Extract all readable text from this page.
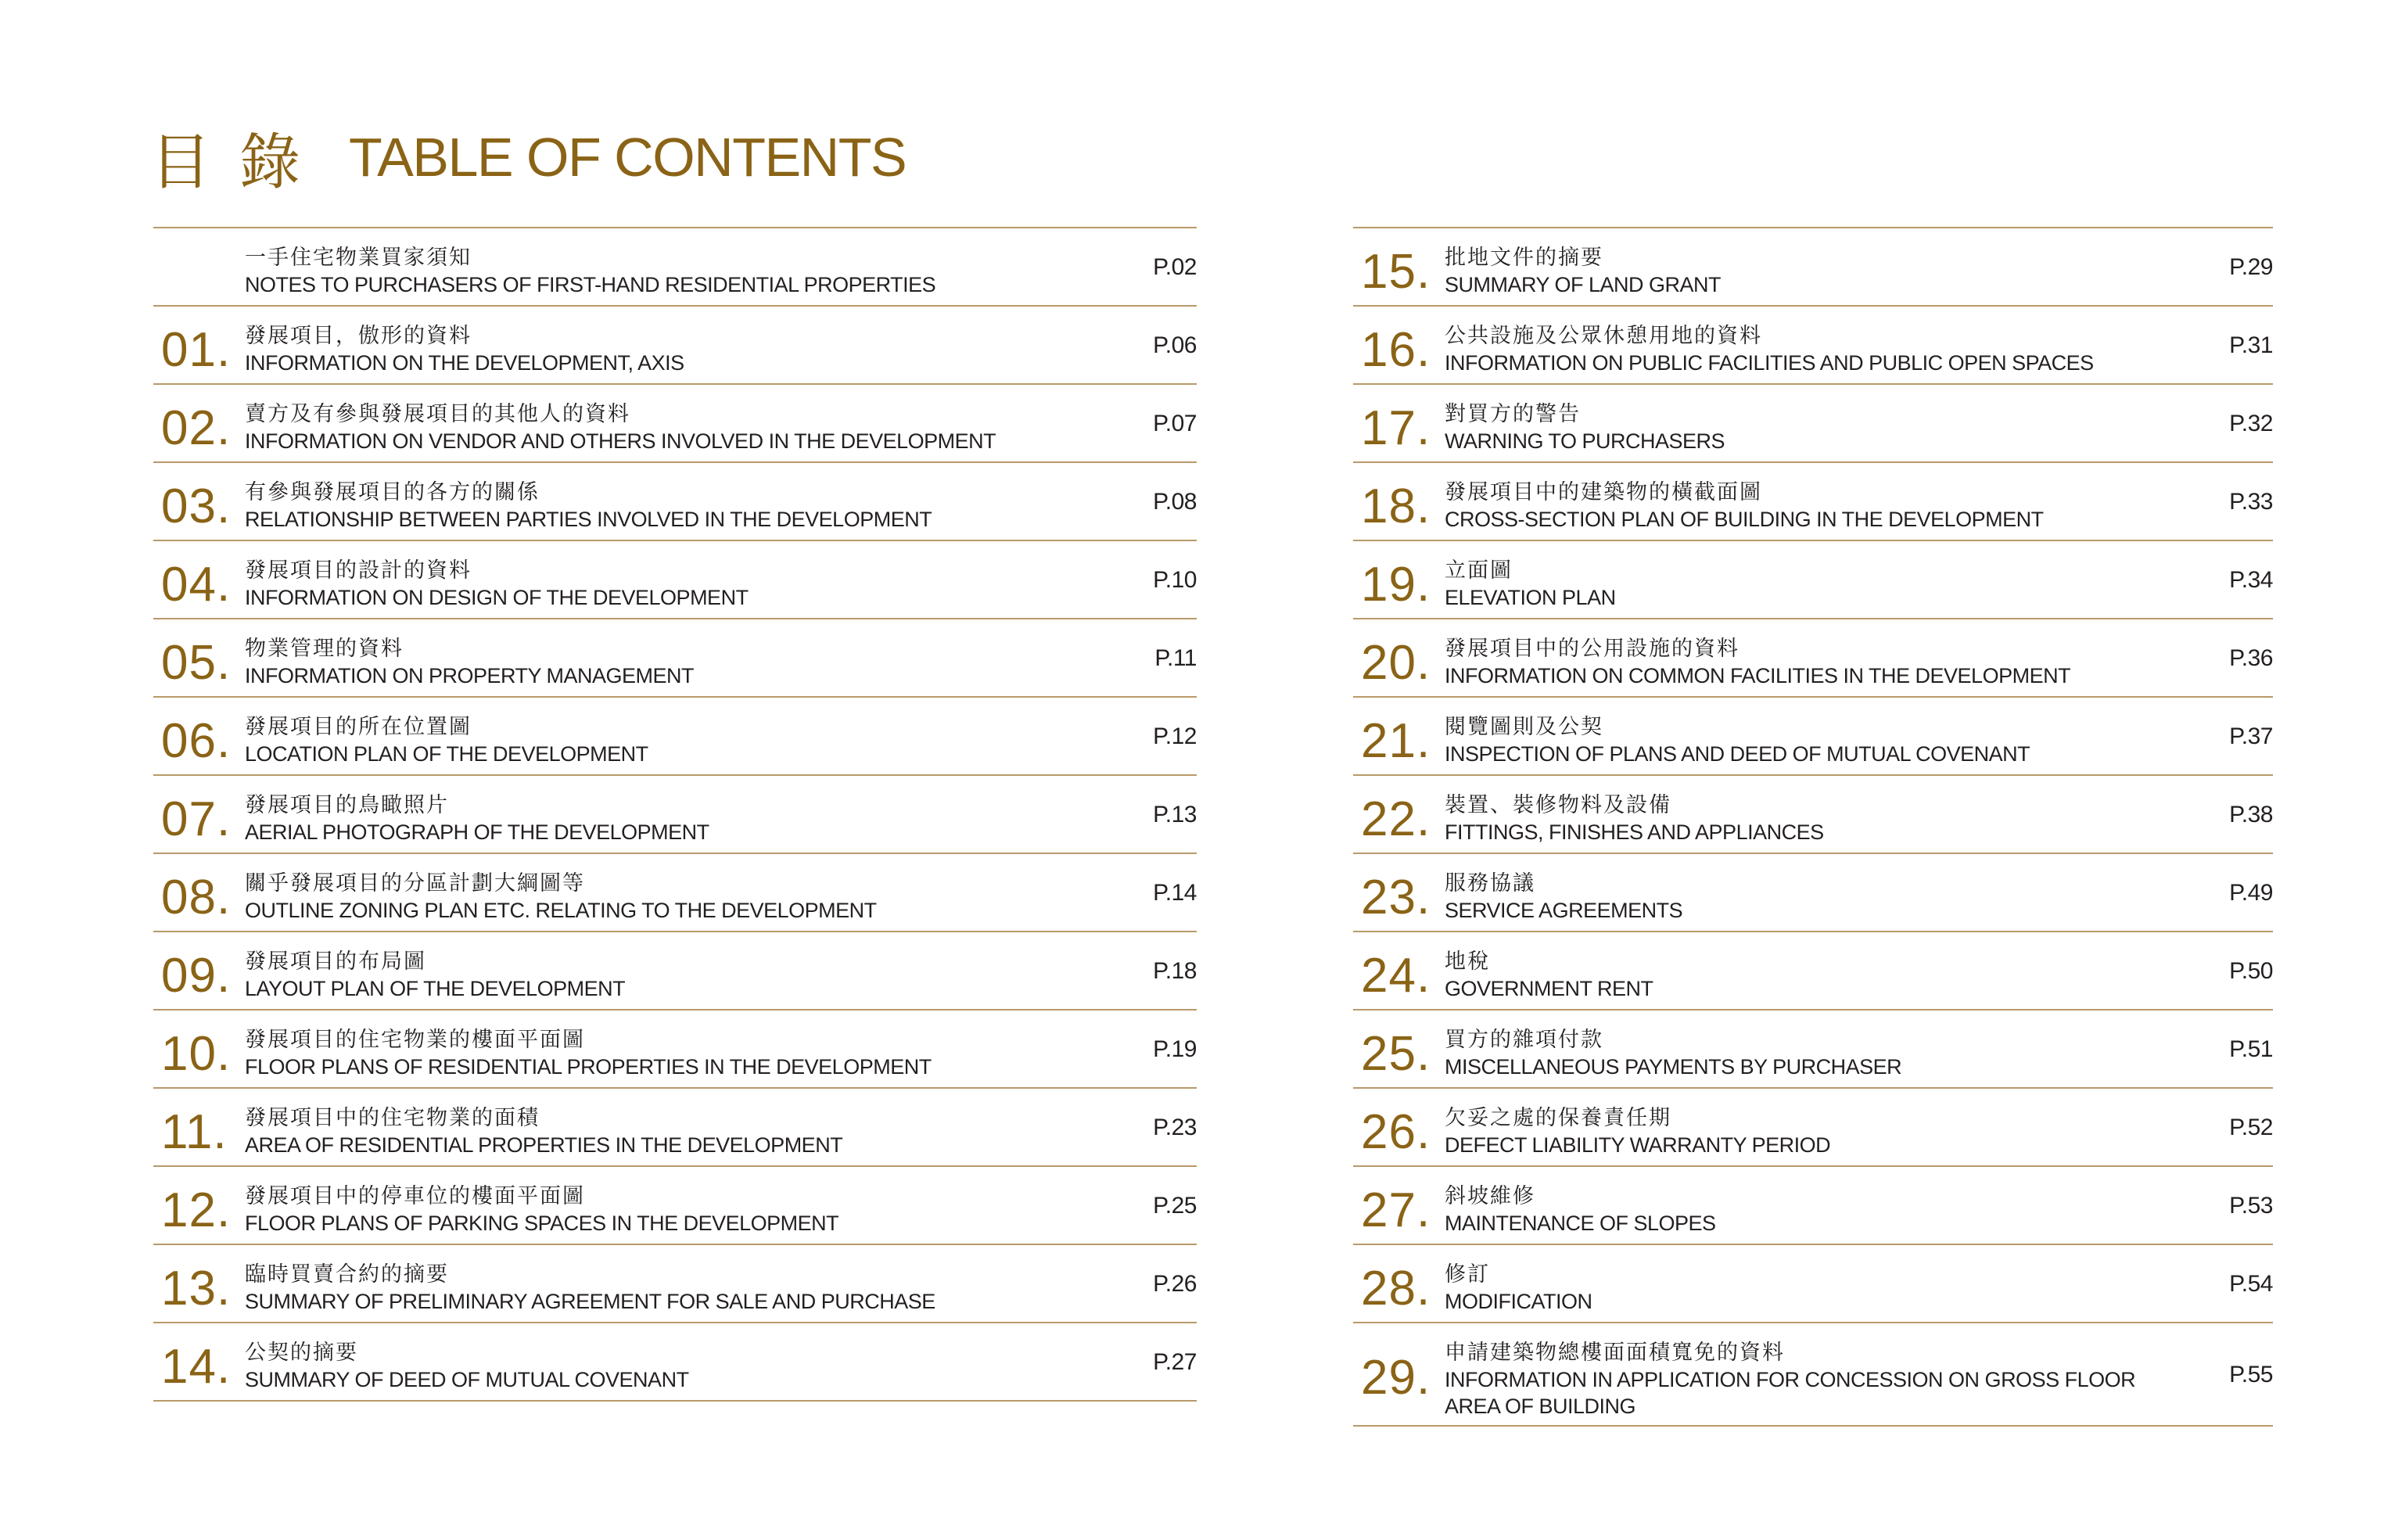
目錄 TABLE OF CONTENTS
一手住宅物業買家須知
NOTES TO PURCHASERS OF FIRST-HAND RESIDENTIAL PROPERTIES
P.02
01. 發展項目，傲形的資料
INFORMATION ON THE DEVELOPMENT, AXIS
P.06
02. 賣方及有參與發展項目的其他人的資料
INFORMATION ON VENDOR AND OTHERS INVOLVED IN THE DEVELOPMENT
P.07
03. 有參與發展項目的各方的關係
RELATIONSHIP BETWEEN PARTIES INVOLVED IN THE DEVELOPMENT
P.08
04. 發展項目的設計的資料
INFORMATION ON DESIGN OF THE DEVELOPMENT
P.10
05. 物業管理的資料
INFORMATION ON PROPERTY MANAGEMENT
P.11
06. 發展項目的所在位置圖
LOCATION PLAN OF THE DEVELOPMENT
P.12
07. 發展項目的鳥瞰照片
AERIAL PHOTOGRAPH OF THE DEVELOPMENT
P.13
08. 關乎發展項目的分區計劃大綱圖等
OUTLINE ZONING PLAN ETC. RELATING TO THE DEVELOPMENT
P.14
09. 發展項目的布局圖
LAYOUT PLAN OF THE DEVELOPMENT
P.18
10. 發展項目的住宅物業的樓面平面圖
FLOOR PLANS OF RESIDENTIAL PROPERTIES IN THE DEVELOPMENT
P.19
11. 發展項目中的住宅物業的面積
AREA OF RESIDENTIAL PROPERTIES IN THE DEVELOPMENT
P.23
12. 發展項目中的停車位的樓面平面圖
FLOOR PLANS OF PARKING SPACES IN THE DEVELOPMENT
P.25
13. 臨時買賣合約的摘要
SUMMARY OF PRELIMINARY AGREEMENT FOR SALE AND PURCHASE
P.26
14. 公契的摘要
SUMMARY OF DEED OF MUTUAL COVENANT
P.27
15. 批地文件的摘要
SUMMARY OF LAND GRANT
P.29
16. 公共設施及公眾休憩用地的資料
INFORMATION ON PUBLIC FACILITIES AND PUBLIC OPEN SPACES
P.31
17. 對買方的警告
WARNING TO PURCHASERS
P.32
18. 發展項目中的建築物的橫截面圖
CROSS-SECTION PLAN OF BUILDING IN THE DEVELOPMENT
P.33
19. 立面圖
ELEVATION PLAN
P.34
20. 發展項目中的公用設施的資料
INFORMATION ON COMMON FACILITIES IN THE DEVELOPMENT
P.36
21. 閱覽圖則及公契
INSPECTION OF PLANS AND DEED OF MUTUAL COVENANT
P.37
22. 裝置、裝修物料及設備
FITTINGS, FINISHES AND APPLIANCES
P.38
23. 服務協議
SERVICE AGREEMENTS
P.49
24. 地稅
GOVERNMENT RENT
P.50
25. 買方的雜項付款
MISCELLANEOUS PAYMENTS BY PURCHASER
P.51
26. 欠妥之處的保養責任期
DEFECT LIABILITY WARRANTY PERIOD
P.52
27. 斜坡維修
MAINTENANCE OF SLOPES
P.53
28. 修訂
MODIFICATION
P.54
29. 申請建築物總樓面面積寬免的資料
INFORMATION IN APPLICATION FOR CONCESSION ON GROSS FLOOR AREA OF BUILDING
P.55
